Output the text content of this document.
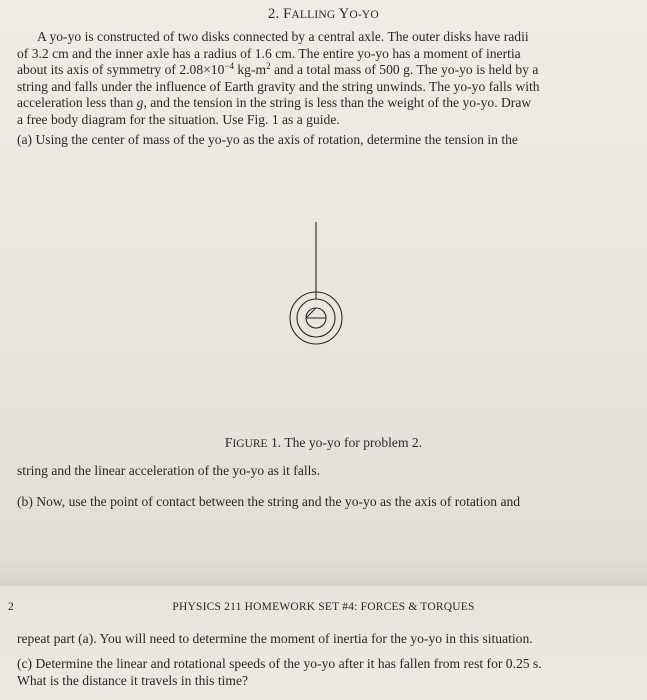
2. FALLING YO-YO
A yo-yo is constructed of two disks connected by a central axle. The outer disks have radii
of 3.2 cm and the inner axle has a radius of 1.6 cm. The entire yo-yo has a moment of inertia
about its axis of symmetry of $2.08\times 10^{-4}$ $kg-m^2$ and a total mass of 500 g. The yo-yo is held by a
string and falls under the influence of Earth gravity and the string unwinds. The yo-yo falls with
acceleration less than g, and the tension in the string is less than the weight of the yo-yo. Draw
a free body diagram for the situation. Use Fig. 1 as a guide.
(a) Using the center of mass of the yo-yo as the axis of rotation, determine the tension in the
FIGURE 1. The yo-yo for problem 2.
string and the linear acceleration of the yo-yo as it falls.
(b) Now, use the point of contact between the string and the yo-yo as the axis of rotation and
2	PHYSICS 211 HOMEWORK SET #4: FORCES & TORQUES
repeat part (a). You will need to determine the moment of inertia for the yo-yo in this situation.
(c) Determine the linear and rotational speeds of the yo-yo after it has fallen from rest for 0.25 s.
What is the distance it travels in this time?
